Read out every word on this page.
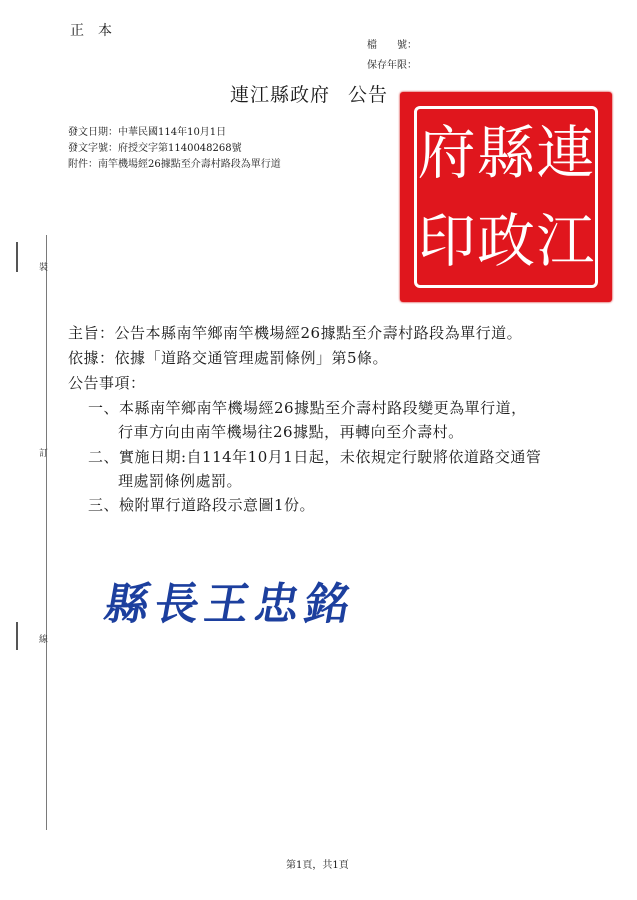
正　本
檔　　號：
保存年限：
連江縣政府 公告
發文日期：中華民國114年10月1日
發文字號：府授交字第1140048268號
附件：南竿機場經26據點至介壽村路段為單行道 府 縣 連
印 政 江
裝
訂
線
主旨：公告本縣南竿鄉南竿機場經26據點至介壽村路段為單行道。
依據：依據「道路交通管理處罰條例」第5條。
公告事項：
一、本縣南竿鄉南竿機場經26據點至介壽村路段變更為單行道，
行車方向由南竿機場往26據點，再轉向至介壽村。
二、實施日期:自114年10月1日起，未依規定行駛將依道路交通管
理處罰條例處罰。
三、檢附單行道路段示意圖1份。
縣長王忠銘
第1頁，共1頁
